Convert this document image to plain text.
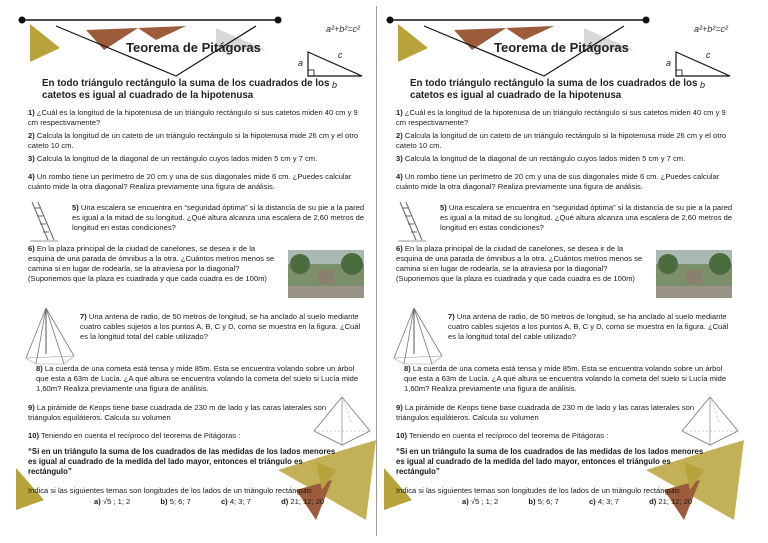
Teorema de Pitágoras
a²+b²=c²
a
c
b
En todo triángulo rectángulo la suma de los cuadrados de los catetos es igual al cuadrado de la hipotenusa
1) ¿Cuál es la longitud de la hipotenusa de un triángulo rectángulo si sus catetos miden 40 cm y 9 cm respectivamente?
2) Calcula la longitud de un cateto de un triángulo rectángulo si la hipotenusa mide 26 cm y el otro cateto 10 cm.
3) Calcula la longitud de la diagonal de un rectángulo cuyos lados miden 5 cm y 7 cm.
4) Un rombo tiene un perímetro de 20 cm y una de sus diagonales mide 6 cm. ¿Puedes calcular cuánto mide la otra diagonal? Realiza previamente una figura de análisis.
5) Una escalera se encuentra en “seguridad óptima” si la distancia de su pie a la pared es igual a la mitad de su longitud. ¿Qué altura alcanza una escalera de 2,60 metros de longitud en estas condiciones?
6) En la plaza principal de la ciudad de canelones, se desea ir de la esquina de una parada de ómnibus a la otra. ¿Cuántos metros menos se camina si en lugar de rodearla, se la atraviesa por la diagonal? (Suponemos que la plaza es cuadrada y que cada cuadra es de 100m)
7) Una antena de radio, de 50 metros de longitud, se ha anclado al suelo mediante cuatro cables sujetos a los puntos A, B, C y D, como se muestra en la figura. ¿Cuál es la longitud total del cable utilizado?
8) La cuerda de una cometa está tensa y mide 85m. Esta se encuentra volando sobre un árbol que esta a 63m de Lucía. ¿A qué altura se encuentra volando la cometa del suelo si Lucía mide 1,60m? Realiza previamente una figura de análisis.
9) La pirámide de Keops tiene base cuadrada de 230 m de lado y las caras laterales son triángulos equiláteros. Calcula su volumen
10) Teniendo en cuenta el recíproco del teorema de Pitágoras :
“Si en un triángulo la suma de los cuadrados de las medidas de los lados menores es igual al cuadrado de la medida del lado mayor, entonces el triángulo es rectángulo”
Indica si las siguientes ternas son longitudes de los lados de un triángulo rectángulo:
a) √5 ; 1; 2	b) 5; 6; 7	c) 4; 3; 7	d) 21; 12; 20
Teorema de Pitágoras
a²+b²=c²
a
c
b
En todo triángulo rectángulo la suma de los cuadrados de los catetos es igual al cuadrado de la hipotenusa
1) ¿Cuál es la longitud de la hipotenusa de un triángulo rectángulo si sus catetos miden 40 cm y 9 cm respectivamente?
2) Calcula la longitud de un cateto de un triángulo rectángulo si la hipotenusa mide 26 cm y el otro cateto 10 cm.
3) Calcula la longitud de la diagonal de un rectángulo cuyos lados miden 5 cm y 7 cm.
4) Un rombo tiene un perímetro de 20 cm y una de sus diagonales mide 6 cm. ¿Puedes calcular cuánto mide la otra diagonal? Realiza previamente una figura de análisis.
5) Una escalera se encuentra en “seguridad óptima” si la distancia de su pie a la pared es igual a la mitad de su longitud. ¿Qué altura alcanza una escalera de 2,60 metros de longitud en estas condiciones?
6) En la plaza principal de la ciudad de canelones, se desea ir de la esquina de una parada de ómnibus a la otra. ¿Cuántos metros menos se camina si en lugar de rodearla, se la atraviesa por la diagonal? (Suponemos que la plaza es cuadrada y que cada cuadra es de 100m)
7) Una antena de radio, de 50 metros de longitud, se ha anclado al suelo mediante cuatro cables sujetos a los puntos A, B, C y D, como se muestra en la figura. ¿Cuál es la longitud total del cable utilizado?
8) La cuerda de una cometa está tensa y mide 85m. Esta se encuentra volando sobre un árbol que esta a 63m de Lucía. ¿A qué altura se encuentra volando la cometa del suelo si Lucía mide 1,60m? Realiza previamente una figura de análisis.
9) La pirámide de Keops tiene base cuadrada de 230 m de lado y las caras laterales son triángulos equiláteros. Calcula su volumen
10) Teniendo en cuenta el recíproco del teorema de Pitágoras :
“Si en un triángulo la suma de los cuadrados de las medidas de los lados menores es igual al cuadrado de la medida del lado mayor, entonces el triángulo es rectángulo”
Indica si las siguientes ternas son longitudes de los lados de un triángulo rectángulo:
a) √5 ; 1; 2	b) 5; 6; 7	c) 4; 3; 7	d) 21; 12; 20
